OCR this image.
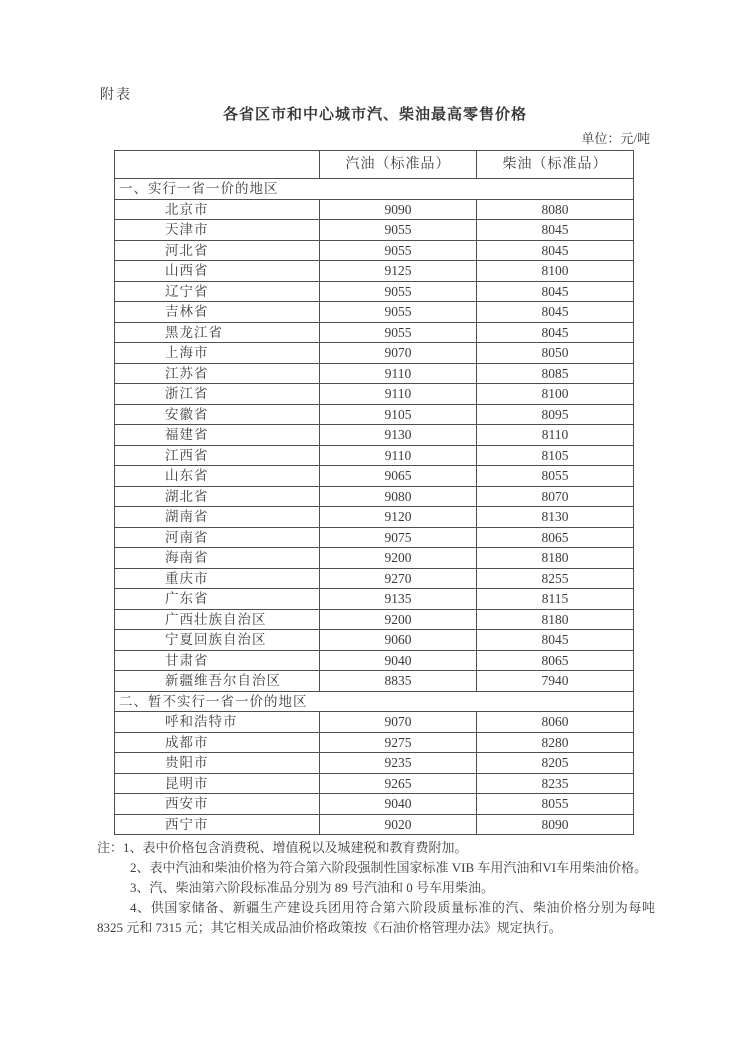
附表
各省区市和中心城市汽、柴油最高零售价格
单位：元/吨
	汽油（标准品）	柴油（标准品）
一、实行一省一价的地区		
北京市	9090	8080
天津市	9055	8045
河北省	9055	8045
山西省	9125	8100
辽宁省	9055	8045
吉林省	9055	8045
黑龙江省	9055	8045
上海市	9070	8050
江苏省	9110	8085
浙江省	9110	8100
安徽省	9105	8095
福建省	9130	8110
江西省	9110	8105
山东省	9065	8055
湖北省	9080	8070
湖南省	9120	8130
河南省	9075	8065
海南省	9200	8180
重庆市	9270	8255
广东省	9135	8115
广西壮族自治区	9200	8180
宁夏回族自治区	9060	8045
甘肃省	9040	8065
新疆维吾尔自治区	8835	7940
二、暂不实行一省一价的地区		
呼和浩特市	9070	8060
成都市	9275	8280
贵阳市	9235	8205
昆明市	9265	8235
西安市	9040	8055
西宁市	9020	8090

注：1、表中价格包含消费税、增值税以及城建税和教育费附加。

2、表中汽油和柴油价格为符合第六阶段强制性国家标准 VIB 车用汽油和VI车用柴油价格。

3、汽、柴油第六阶段标准品分别为 89 号汽油和 0 号车用柴油。

4、供国家储备、新疆生产建设兵团用符合第六阶段质量标准的汽、柴油价格分别为每吨 8325 元和 7315 元；其它相关成品油价格政策按《石油价格管理办法》规定执行。
